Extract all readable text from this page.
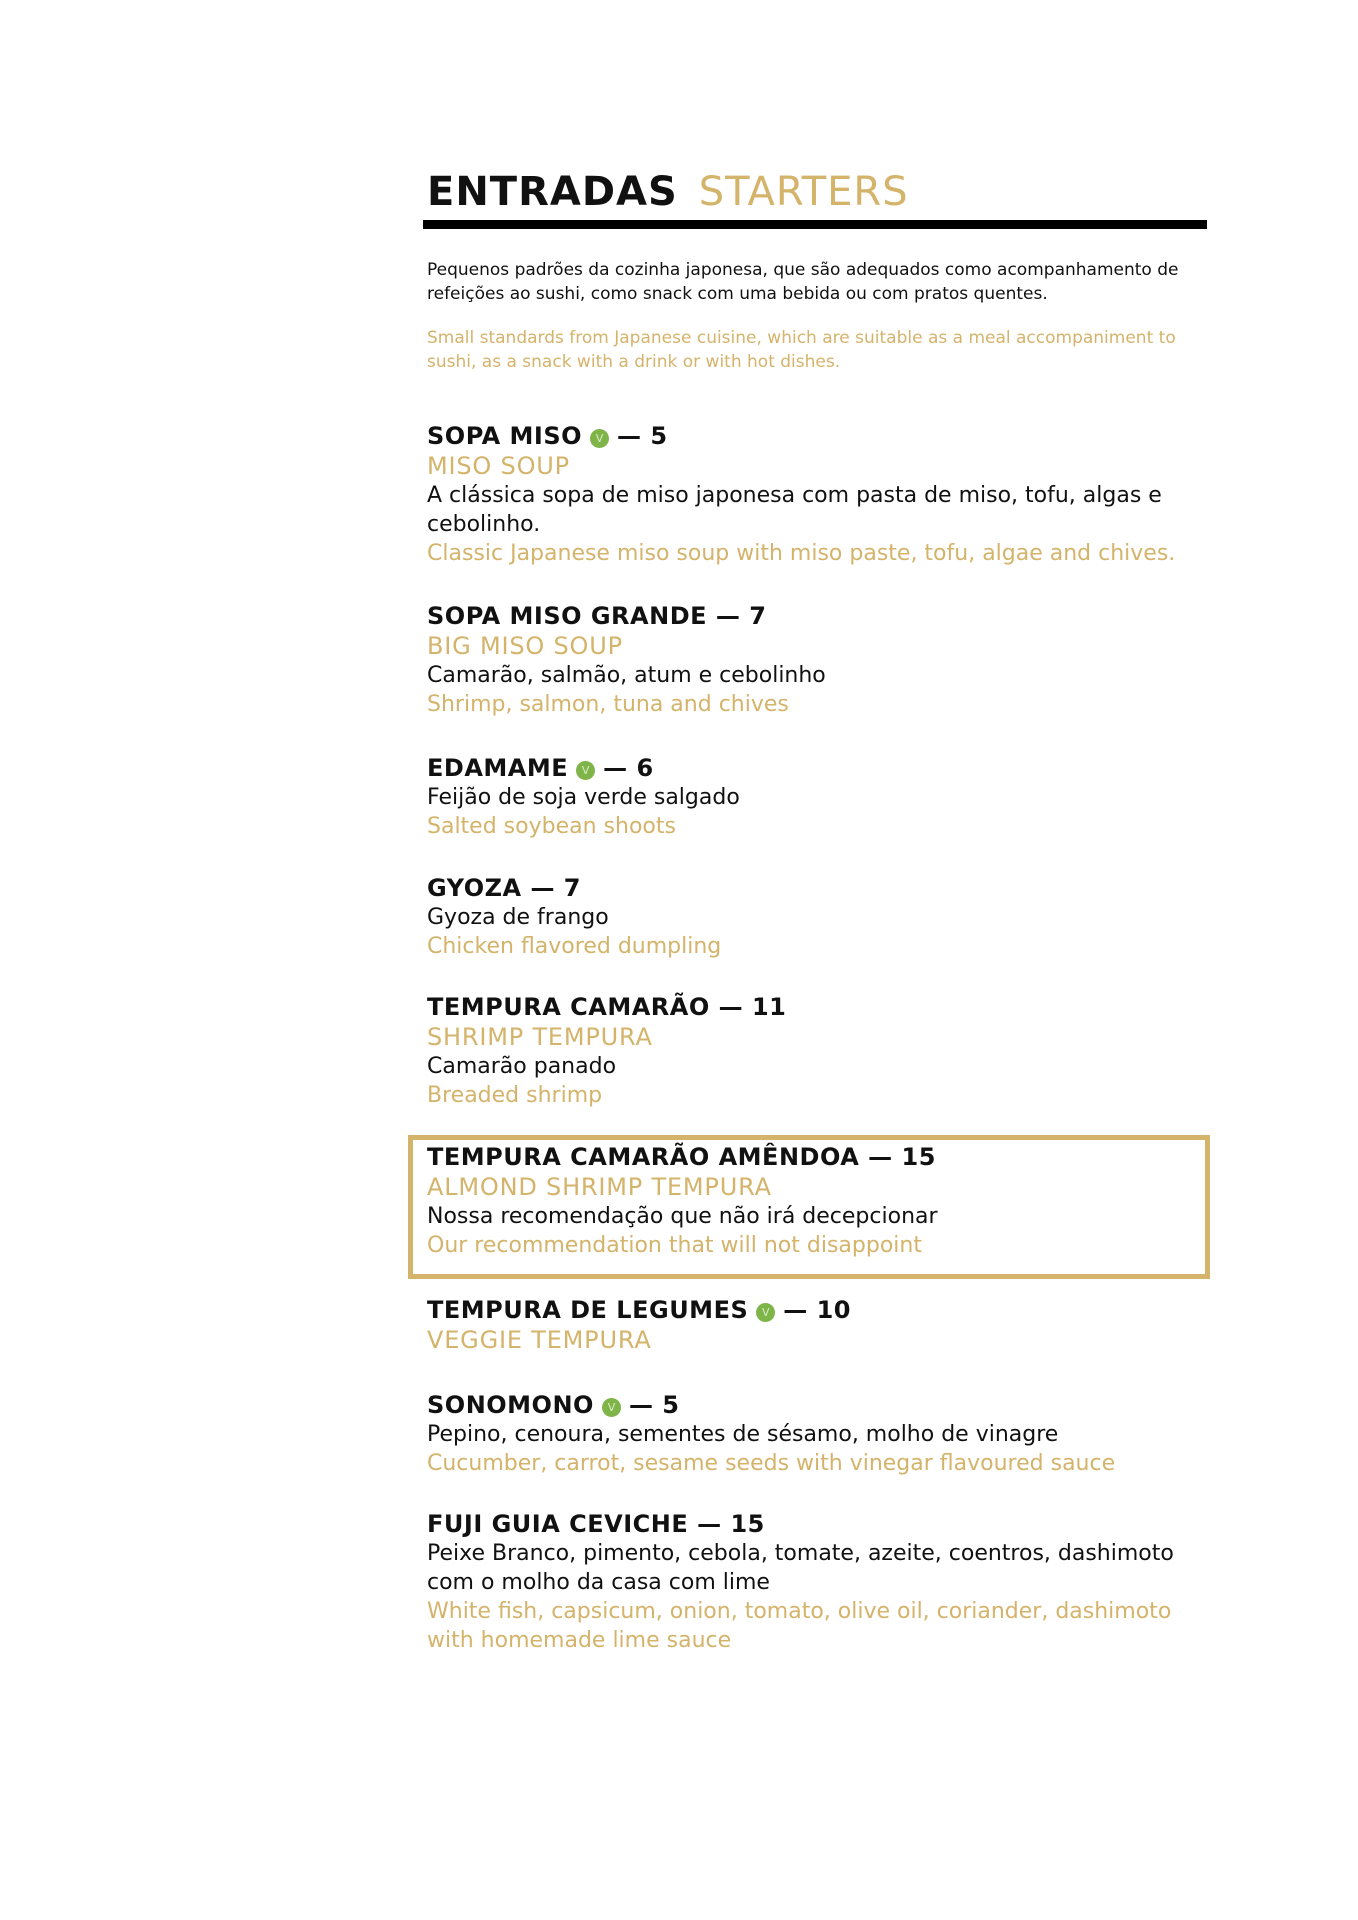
ENTRADAS STARTERS
Pequenos padrões da cozinha japonesa, que são adequados como acompanhamento de refeições ao sushi, como snack com uma bebida ou com pratos quentes.
Small standards from Japanese cuisine, which are suitable as a meal accompaniment to sushi, as a snack with a drink or with hot dishes.
SOPA MISO V — 5
MISO SOUP
A clássica sopa de miso japonesa com pasta de miso, tofu, algas e cebolinho.
Classic Japanese miso soup with miso paste, tofu, algae and chives.
SOPA MISO GRANDE — 7
BIG MISO SOUP
Camarão, salmão, atum e cebolinho
Shrimp, salmon, tuna and chives
EDAMAME V — 6
Feijão de soja verde salgado
Salted soybean shoots
GYOZA — 7
Gyoza de frango
Chicken flavored dumpling
TEMPURA CAMARÃO — 11
SHRIMP TEMPURA
Camarão panado
Breaded shrimp
TEMPURA CAMARÃO AMÊNDOA — 15
ALMOND SHRIMP TEMPURA
Nossa recomendação que não irá decepcionar
Our recommendation that will not disappoint
TEMPURA DE LEGUMES V — 10
VEGGIE TEMPURA
SONOMONO V — 5
Pepino, cenoura, sementes de sésamo, molho de vinagre
Cucumber, carrot, sesame seeds with vinegar flavoured sauce
FUJI GUIA CEVICHE — 15
Peixe Branco, pimento, cebola, tomate, azeite, coentros, dashimoto com o molho da casa com lime
White fish, capsicum, onion, tomato, olive oil, coriander, dashimoto with homemade lime sauce
